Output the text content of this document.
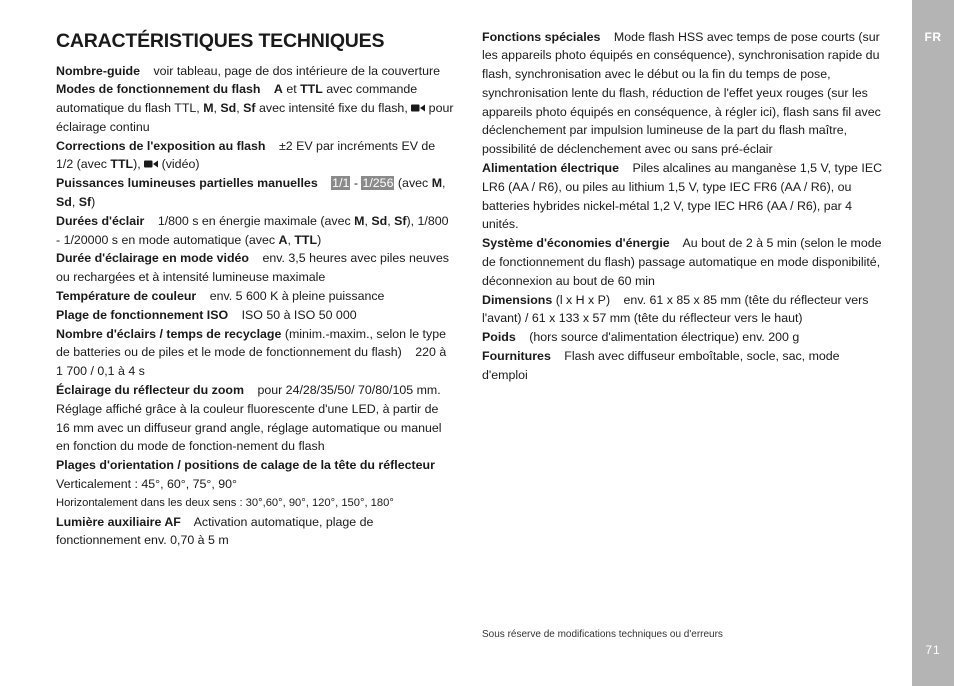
FR
71
CARACTÉRISTIQUES TECHNIQUES

Nombre-guide voir tableau, page de dos intérieure de la couverture

Modes de fonctionnement du flash A et TTL avec commande automatique du flash TTL, M, Sd, Sf avec intensité fixe du flash, pour éclairage continu

Corrections de l'exposition au flash ±2 EV par incréments EV de 1/2 (avec TTL),  (vidéo)

Puissances lumineuses partielles manuelles 1/1 - 1/256 (avec M, Sd, Sf)

Durées d'éclair 1/800 s en énergie maximale (avec M, Sd, Sf), 1/800 - 1/20000 s en mode automatique (avec A, TTL)

Durée d'éclairage en mode vidéo env. 3,5 heures avec piles neuves ou rechargées et à intensité lumineuse maximale

Température de couleur env. 5 600 K à pleine puissance

Plage de fonctionnement ISO ISO 50 à ISO 50 000

Nombre d'éclairs / temps de recyclage (minim.-maxim., selon le type de batteries ou de piles et le mode de fonctionnement du flash) 220 à 1 700 / 0,1 à 4 s

Éclairage du réflecteur du zoom pour 24/28/35/50/ 70/80/105 mm. Réglage affiché grâce à la couleur fluorescente d'une LED, à partir de 16 mm avec un diffuseur grand angle, réglage automatique ou manuel en fonction du mode de fonction-nement du flash

Plages d'orientation / positions de calage de la tête du réflecteur

Verticalement : 45°, 60°, 75°, 90°

Horizontalement dans les deux sens : 30°,60°, 90°, 120°, 150°, 180°

Lumière auxiliaire AF Activation automatique, plage de fonctionnement env. 0,70 à 5 m

Fonctions spéciales Mode flash HSS avec temps de pose courts (sur les appareils photo équipés en conséquence), synchronisation rapide du flash, synchronisation avec le début ou la fin du temps de pose, synchronisation lente du flash, réduction de l'effet yeux rouges (sur les appareils photo équipés en conséquence, à régler ici), flash sans fil avec déclenchement par impulsion lumineuse de la part du flash maître, possibilité de déclenchement avec ou sans pré-éclair

Alimentation électrique Piles alcalines au manganèse 1,5 V, type IEC LR6 (AA / R6), ou piles au lithium 1,5 V, type IEC FR6 (AA / R6), ou batteries hybrides nickel-métal 1,2 V, type IEC HR6 (AA / R6), par 4 unités.

Système d'économies d'énergie Au bout de 2 à 5 min (selon le mode de fonctionnement du flash) passage automatique en mode disponibilité, déconnexion au bout de 60 min

Dimensions (l x H x P) env. 61 x 85 x 85 mm (tête du réflecteur vers l'avant) / 61 x 133 x 57 mm (tête du réflecteur vers le haut)

Poids (hors source d'alimentation électrique) env. 200 g

Fournitures Flash avec diffuseur emboîtable, socle, sac, mode d'emploi

Sous réserve de modifications techniques ou d'erreurs
